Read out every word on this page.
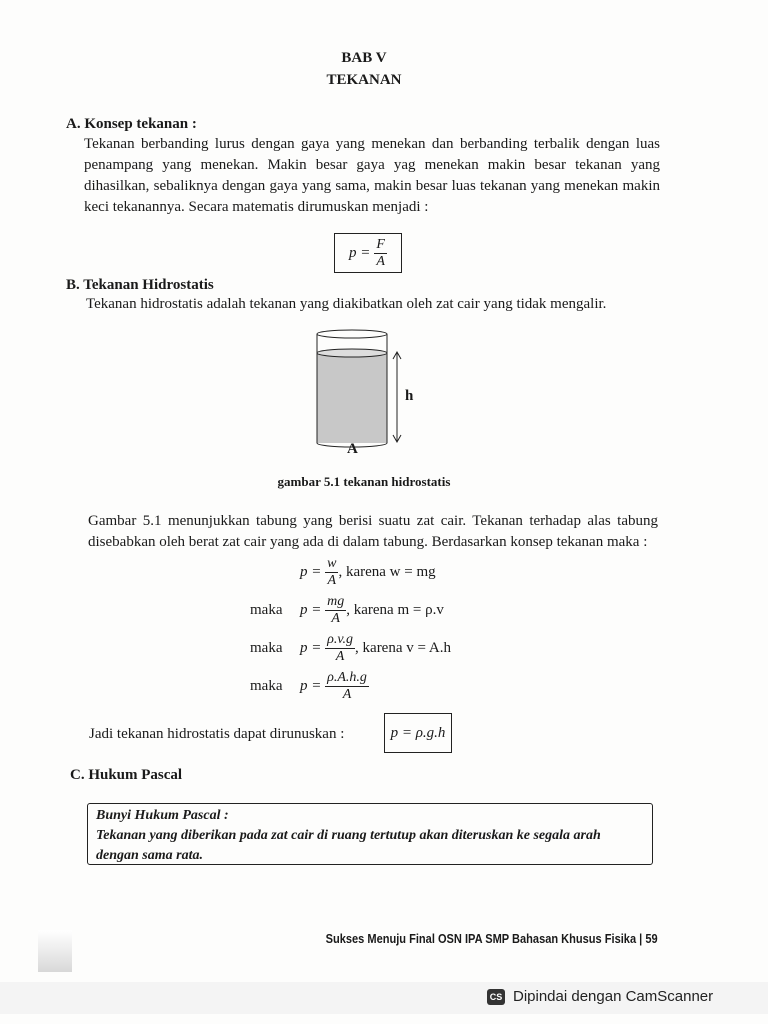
BAB V
TEKANAN
A. Konsep tekanan :
Tekanan berbanding lurus dengan gaya yang menekan dan berbanding terbalik dengan luas penampang yang menekan. Makin besar gaya yag menekan makin besar tekanan yang dihasilkan, sebaliknya dengan gaya yang sama, makin besar luas tekanan yang menekan makin keci tekanannya. Secara matematis dirumuskan menjadi :
$p = \frac{F}{A}$
B. Tekanan Hidrostatis
Tekanan hidrostatis adalah tekanan yang diakibatkan oleh zat cair yang tidak mengalir.
h
A
gambar 5.1 tekanan hidrostatis
Gambar 5.1 menunjukkan tabung yang berisi suatu zat cair. Tekanan terhadap alas tabung disebabkan oleh berat zat cair yang ada di dalam tabung. Berdasarkan konsep tekanan maka :
$p = \frac{w}{A}$ , karena w = mg
maka $p = \frac{mg}{A}$ , karena m = ρ.v
maka $p = \frac{\rho.v.g}{A}$ , karena v = A.h
maka $p = \frac{\rho.A.h.g}{A}$
Jadi tekanan hidrostatis dapat dirunuskan :	p = ρ.g.h
C. Hukum Pascal
Bunyi Hukum Pascal :
Tekanan yang diberikan pada zat cair di ruang tertutup akan diteruskan ke segala arah dengan sama rata.
Sukses Menuju Final OSN IPA SMP Bahasan Khusus Fisika | 59
CS Dipindai dengan CamScanner
